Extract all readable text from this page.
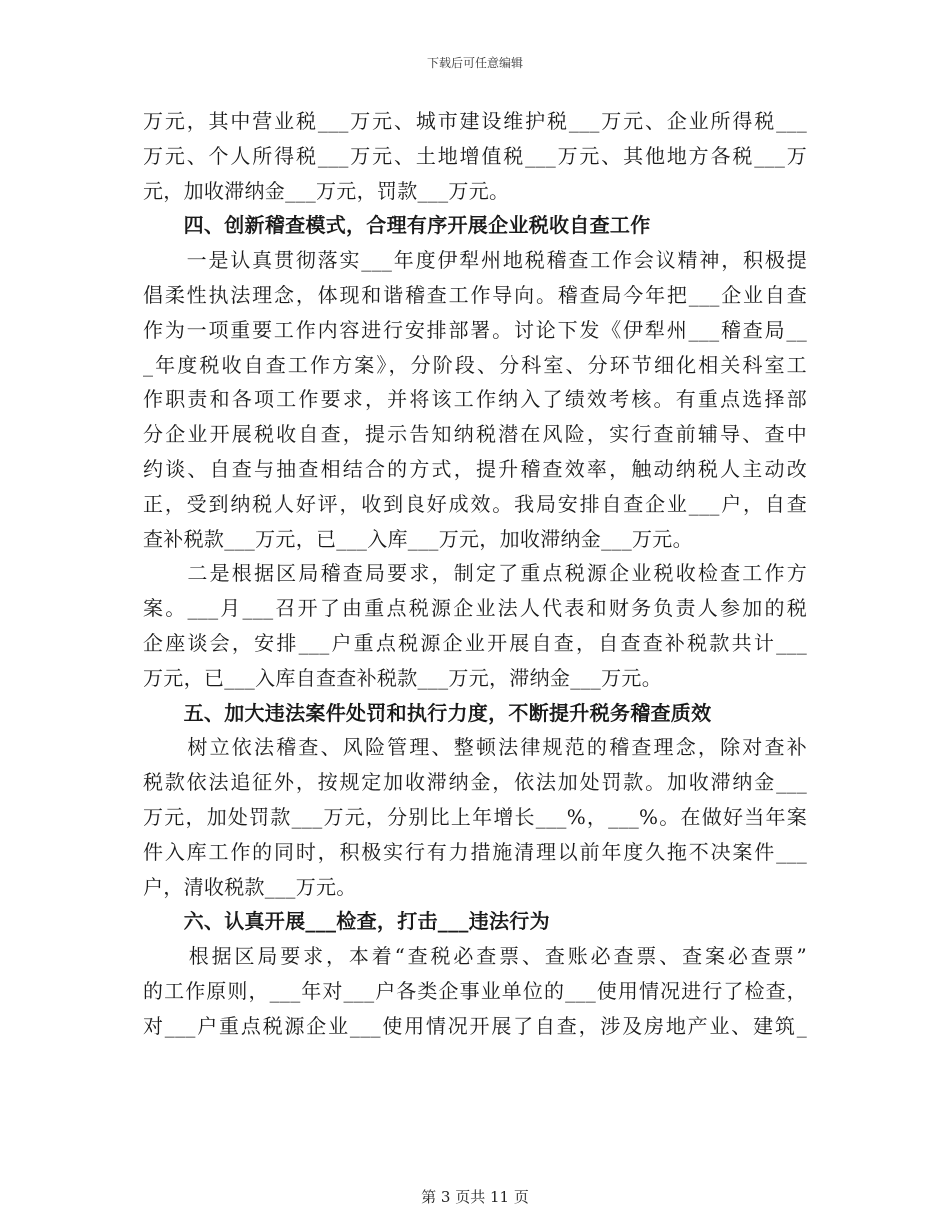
下载后可任意编辑
万元，其中营业税___万元、城市建设维护税___万元、企业所得税___
万元、个人所得税___万元、土地增值税___万元、其他地方各税___万
元，加收滞纳金___万元，罚款___万元。
　　四、创新稽查模式，合理有序开展企业税收自查工作
　　一是认真贯彻落实___年度伊犁州地税稽查工作会议精神，积极提
倡柔性执法理念，体现和谐稽查工作导向。稽查局今年把___企业自查
作为一项重要工作内容进行安排部署。讨论下发《伊犁州___稽查局__
_年度税收自查工作方案》，分阶段、分科室、分环节细化相关科室工
作职责和各项工作要求，并将该工作纳入了绩效考核。有重点选择部
分企业开展税收自查，提示告知纳税潜在风险，实行查前辅导、查中
约谈、自查与抽查相结合的方式，提升稽查效率，触动纳税人主动改
正，受到纳税人好评，收到良好成效。我局安排自查企业___户，自查
查补税款___万元，已___入库___万元，加收滞纳金___万元。
　　二是根据区局稽查局要求，制定了重点税源企业税收检查工作方
案。___月___召开了由重点税源企业法人代表和财务负责人参加的税
企座谈会，安排___户重点税源企业开展自查，自查查补税款共计___
万元，已___入库自查查补税款___万元，滞纳金___万元。
　　五、加大违法案件处罚和执行力度，不断提升税务稽查质效
　　树立依法稽查、风险管理、整顿法律规范的稽查理念，除对查补
税款依法追征外，按规定加收滞纳金，依法加处罚款。加收滞纳金___
万元，加处罚款___万元，分别比上年增长___%，___%。在做好当年案
件入库工作的同时，积极实行有力措施清理以前年度久拖不决案件___
户，清收税款___万元。
　　六、认真开展___检查，打击___违法行为
　　根据区局要求，本着“查税必查票、查账必查票、查案必查票”
的工作原则，___年对___户各类企事业单位的___使用情况进行了检查，
对___户重点税源企业___使用情况开展了自查，涉及房地产业、建筑_
第 3 页共 11 页
